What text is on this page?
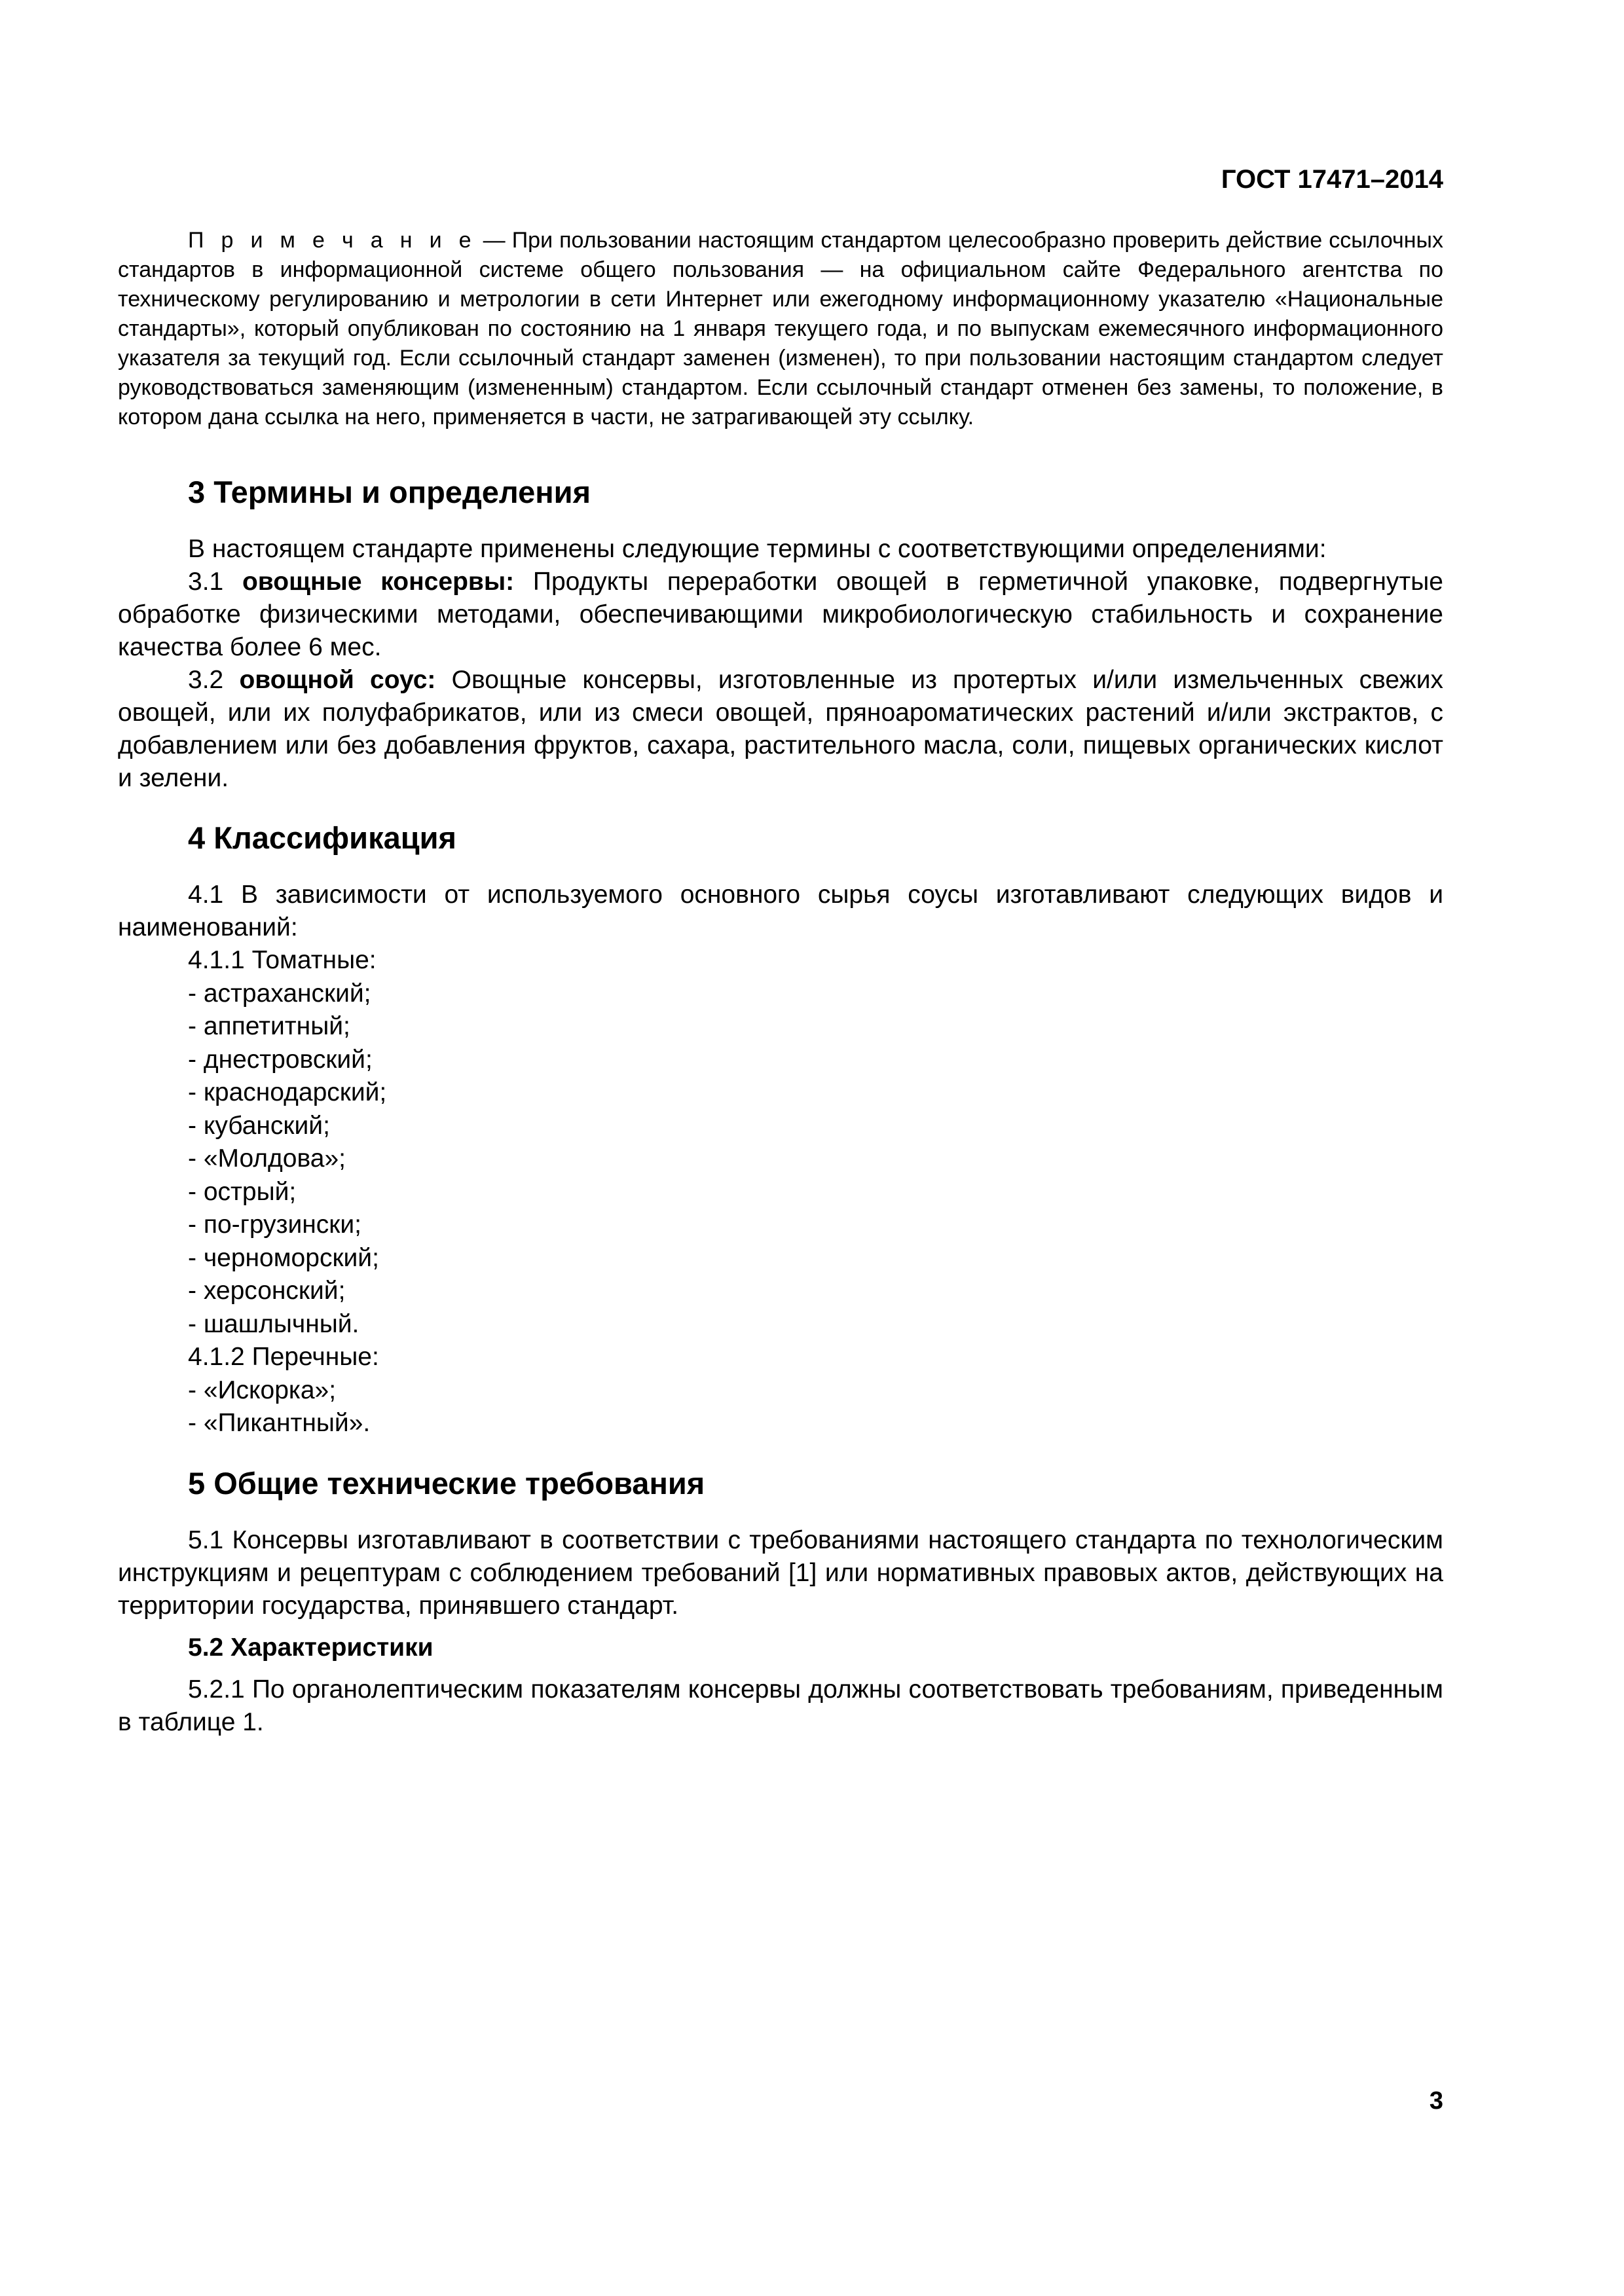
ГОСТ 17471–2014

П р и м е ч а н и е — При пользовании настоящим стандартом целесообразно проверить действие ссылочных стандартов в информационной системе общего пользования — на официальном сайте Федерального агентства по техническому регулированию и метрологии в сети Интернет или ежегодному информационному указателю «Национальные стандарты», который опубликован по состоянию на 1 января текущего года, и по выпускам ежемесячного информационного указателя за текущий год. Если ссылочный стандарт заменен (изменен), то при пользовании настоящим стандартом следует руководствоваться заменяющим (измененным) стандартом. Если ссылочный стандарт отменен без замены, то положение, в котором дана ссылка на него, применяется в части, не затрагивающей эту ссылку.

3 Термины и определения

В настоящем стандарте применены следующие термины с соответствующими определениями:

3.1 овощные консервы: Продукты переработки овощей в герметичной упаковке, подвергнутые обработке физическими методами, обеспечивающими микробиологическую стабильность и сохранение качества более 6 мес.

3.2 овощной соус: Овощные консервы, изготовленные из протертых и/или измельченных свежих овощей, или их полуфабрикатов, или из смеси овощей, пряноароматических растений и/или экстрактов, с добавлением или без добавления фруктов, сахара, растительного масла, соли, пищевых органических кислот и зелени.

4 Классификация

4.1 В зависимости от используемого основного сырья соусы изготавливают следующих видов и наименований:

4.1.1 Томатные:
- астраханский;
- аппетитный;
- днестровский;
- краснодарский;
- кубанский;
- «Молдова»;
- острый;
- по-грузински;
- черноморский;
- херсонский;
- шашлычный.
4.1.2 Перечные:
- «Искорка»;
- «Пикантный».
5 Общие технические требования

5.1 Консервы изготавливают в соответствии с требованиями настоящего стандарта по технологическим инструкциям и рецептурам с соблюдением требований [1] или нормативных правовых актов, действующих на территории государства, принявшего стандарт.

5.2 Характеристики

5.2.1 По органолептическим показателям консервы должны соответствовать требованиям, приведенным в таблице 1.

3
